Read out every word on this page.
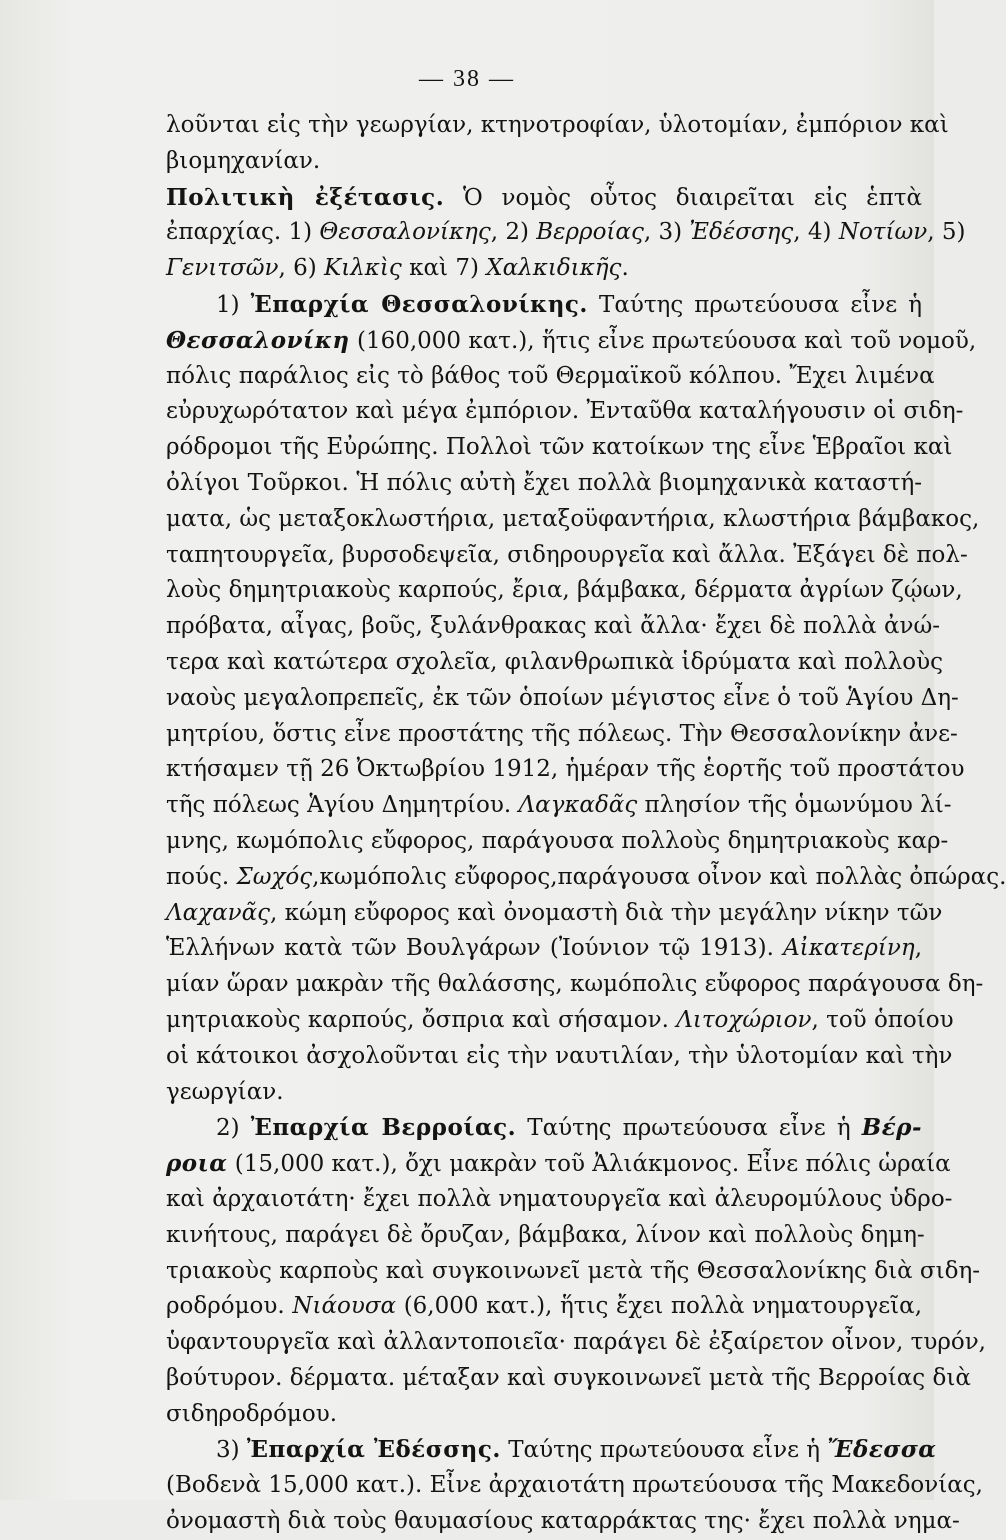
— 38 —
λοῦνται εἰς τὴν γεωργίαν, κτηνοτροφίαν, ὑλοτομίαν, ἐμπόριον καὶ
βιομηχανίαν.
Πολιτικὴ ἐξέτασις. Ὁ νομὸς οὗτος διαιρεῖται εἰς ἑπτὰ
ἐπαρχίας. 1) Θεσσαλονίκης, 2) Βερροίας, 3) Ἐδέσσης, 4) Νοτίων, 5)
Γενιτσῶν, 6) Κιλκὶς καὶ 7) Χαλκιδικῆς.
1) Ἐπαρχία Θεσσαλονίκης. Ταύτης πρωτεύουσα εἶνε ἡ
Θεσσαλονίκη (160,000 κατ.), ἥτις εἶνε πρωτεύουσα καὶ τοῦ νομοῦ,
πόλις παράλιος εἰς τὸ βάθος τοῦ Θερμαϊκοῦ κόλπου. Ἔχει λιμένα
εὐρυχωρότατον καὶ μέγα ἐμπόριον. Ἐνταῦθα καταλήγουσιν οἱ σιδη-
ρόδρομοι τῆς Εὐρώπης. Πολλοὶ τῶν κατοίκων της εἶνε Ἑβραῖοι καὶ
ὀλίγοι Τοῦρκοι. Ἡ πόλις αὐτὴ ἔχει πολλὰ βιομηχανικὰ καταστή-
ματα, ὡς μεταξοκλωστήρια, μεταξοϋφαντήρια, κλωστήρια βάμβακος,
ταπητουργεῖα, βυρσοδεψεῖα, σιδηρουργεῖα καὶ ἄλλα. Ἐξάγει δὲ πολ-
λοὺς δημητριακοὺς καρπούς, ἔρια, βάμβακα, δέρματα ἀγρίων ζῴων,
πρόβατα, αἶγας, βοῦς, ξυλάνθρακας καὶ ἄλλα· ἔχει δὲ πολλὰ ἀνώ-
τερα καὶ κατώτερα σχολεῖα, φιλανθρωπικὰ ἱδρύματα καὶ πολλοὺς
ναοὺς μεγαλοπρεπεῖς, ἐκ τῶν ὁποίων μέγιστος εἶνε ὁ τοῦ Ἁγίου Δη-
μητρίου, ὅστις εἶνε προστάτης τῆς πόλεως. Τὴν Θεσσαλονίκην ἀνε-
κτήσαμεν τῇ 26 Ὀκτωβρίου 1912, ἡμέραν τῆς ἑορτῆς τοῦ προστάτου
τῆς πόλεως Ἁγίου Δημητρίου. Λαγκαδᾶς πλησίον τῆς ὁμωνύμου λί-
μνης, κωμόπολις εὔφορος, παράγουσα πολλοὺς δημητριακοὺς καρ-
πούς. Σωχός,κωμόπολις εὔφορος,παράγουσα οἶνον καὶ πολλὰς ὀπώρας.
Λαχανᾶς, κώμη εὔφορος καὶ ὀνομαστὴ διὰ τὴν μεγάλην νίκην τῶν
Ἑλλήνων κατὰ τῶν Βουλγάρων (Ἰούνιον τῷ 1913). Αἰκατερίνη,
μίαν ὥραν μακρὰν τῆς θαλάσσης, κωμόπολις εὔφορος παράγουσα δη-
μητριακοὺς καρπούς, ὄσπρια καὶ σήσαμον. Λιτοχώριον, τοῦ ὁποίου
οἱ κάτοικοι ἀσχολοῦνται εἰς τὴν ναυτιλίαν, τὴν ὑλοτομίαν καὶ τὴν
γεωργίαν.
2) Ἐπαρχία Βερροίας. Ταύτης πρωτεύουσα εἶνε ἡ Βέρ-
ροια (15,000 κατ.), ὄχι μακρὰν τοῦ Ἀλιάκμονος. Εἶνε πόλις ὡραία
καὶ ἀρχαιοτάτη· ἔχει πολλὰ νηματουργεῖα καὶ ἀλευρομύλους ὑδρο-
κινήτους, παράγει δὲ ὄρυζαν, βάμβακα, λίνον καὶ πολλοὺς δημη-
τριακοὺς καρποὺς καὶ συγκοινωνεῖ μετὰ τῆς Θεσσαλονίκης διὰ σιδη-
ροδρόμου. Νιάουσα (6,000 κατ.), ἥτις ἔχει πολλὰ νηματουργεῖα,
ὑφαντουργεῖα καὶ ἀλλαντοποιεῖα· παράγει δὲ ἐξαίρετον οἶνον, τυρόν,
βούτυρον. δέρματα. μέταξαν καὶ συγκοινωνεῖ μετὰ τῆς Βερροίας διὰ
σιδηροδρόμου.
3) Ἐπαρχία Ἐδέσσης. Ταύτης πρωτεύουσα εἶνε ἡ Ἔδεσσα
(Βοδενὰ 15,000 κατ.). Εἶνε ἀρχαιοτάτη πρωτεύουσα τῆς Μακεδονίας,
ὀνομαστὴ διὰ τοὺς θαυμασίους καταρράκτας της· ἔχει πολλὰ νημα-
